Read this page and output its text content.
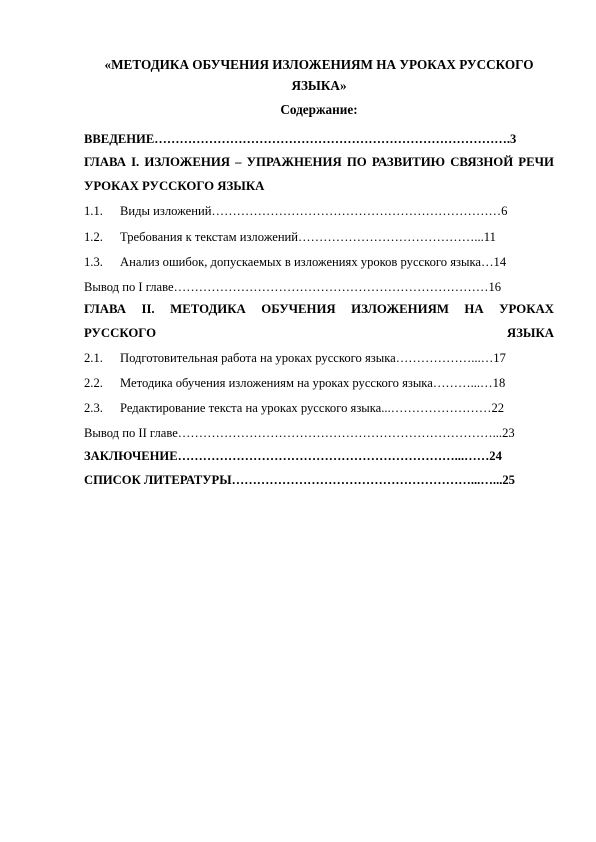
«МЕТОДИКА ОБУЧЕНИЯ ИЗЛОЖЕНИЯМ НА УРОКАХ РУССКОГО ЯЗЫКА»
Содержание:
ВВЕДЕНИЕ………………………………………………………………………….3
ГЛАВА I. ИЗЛОЖЕНИЯ – УПРАЖНЕНИЯ ПО РАЗВИТИЮ СВЯЗНОЙ РЕЧИ УРОКАХ РУССКОГО ЯЗЫКА
1.1. Виды изложений……………………………………………………………6
1.2. Требования к текстам изложений……………………………………...11
1.3. Анализ ошибок, допускаемых в изложениях уроков русского языка…14
Вывод по I главе…………………………………………………………………16
ГЛАВА II. МЕТОДИКА ОБУЧЕНИЯ ИЗЛОЖЕНИЯМ НА УРОКАХ РУССКОГО ЯЗЫКА
2.1. Подготовительная работа на уроках русского языка………………...…17
2.2. Методика обучения изложениям на уроках русского языка………...…18
2.3. Редактирование текста на уроках русского языка...……………………22
Вывод по II главе…………………………………………………………………...23
ЗАКЛЮЧЕНИЕ…………………………………………………………...……24
СПИСОК ЛИТЕРАТУРЫ…………………………………………………...…...25
